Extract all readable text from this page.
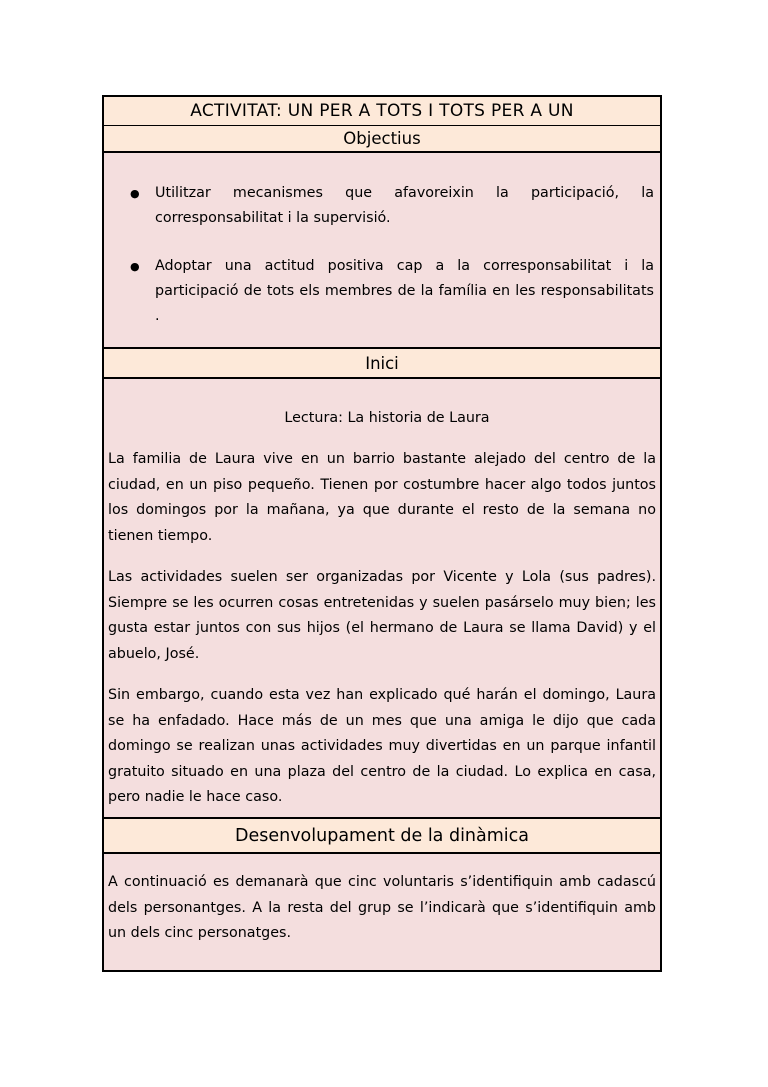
ACTIVITAT: UN PER A TOTS I TOTS PER A UN
Objectius
● Utilitzar mecanismes que afavoreixin la participació, la corresponsabilitat i la supervisió.
● Adoptar una actitud positiva cap a la corresponsabilitat i la participació de tots els membres de la família en les responsabilitats .
Inici
Lectura: La historia de Laura
La familia de Laura vive en un barrio bastante alejado del centro de la ciudad, en un piso pequeño. Tienen por costumbre hacer algo todos juntos los domingos por la mañana, ya que durante el resto de la semana no tienen tiempo.
Las actividades suelen ser organizadas por Vicente y Lola (sus padres). Siempre se les ocurren cosas entretenidas y suelen pasárselo muy bien; les gusta estar juntos con sus hijos (el hermano de Laura se llama David) y el abuelo, José.
Sin embargo, cuando esta vez han explicado qué harán el domingo, Laura se ha enfadado. Hace más de un mes que una amiga le dijo que cada domingo se realizan unas actividades muy divertidas en un parque infantil gratuito situado en una plaza del centro de la ciudad. Lo explica en casa, pero nadie le hace caso.
Desenvolupament de la dinàmica
A continuació es demanarà que cinc voluntaris s’identifiquin amb cadascú dels personantges. A la resta del grup se l’indicarà que s’identifiquin amb un dels cinc personatges.
